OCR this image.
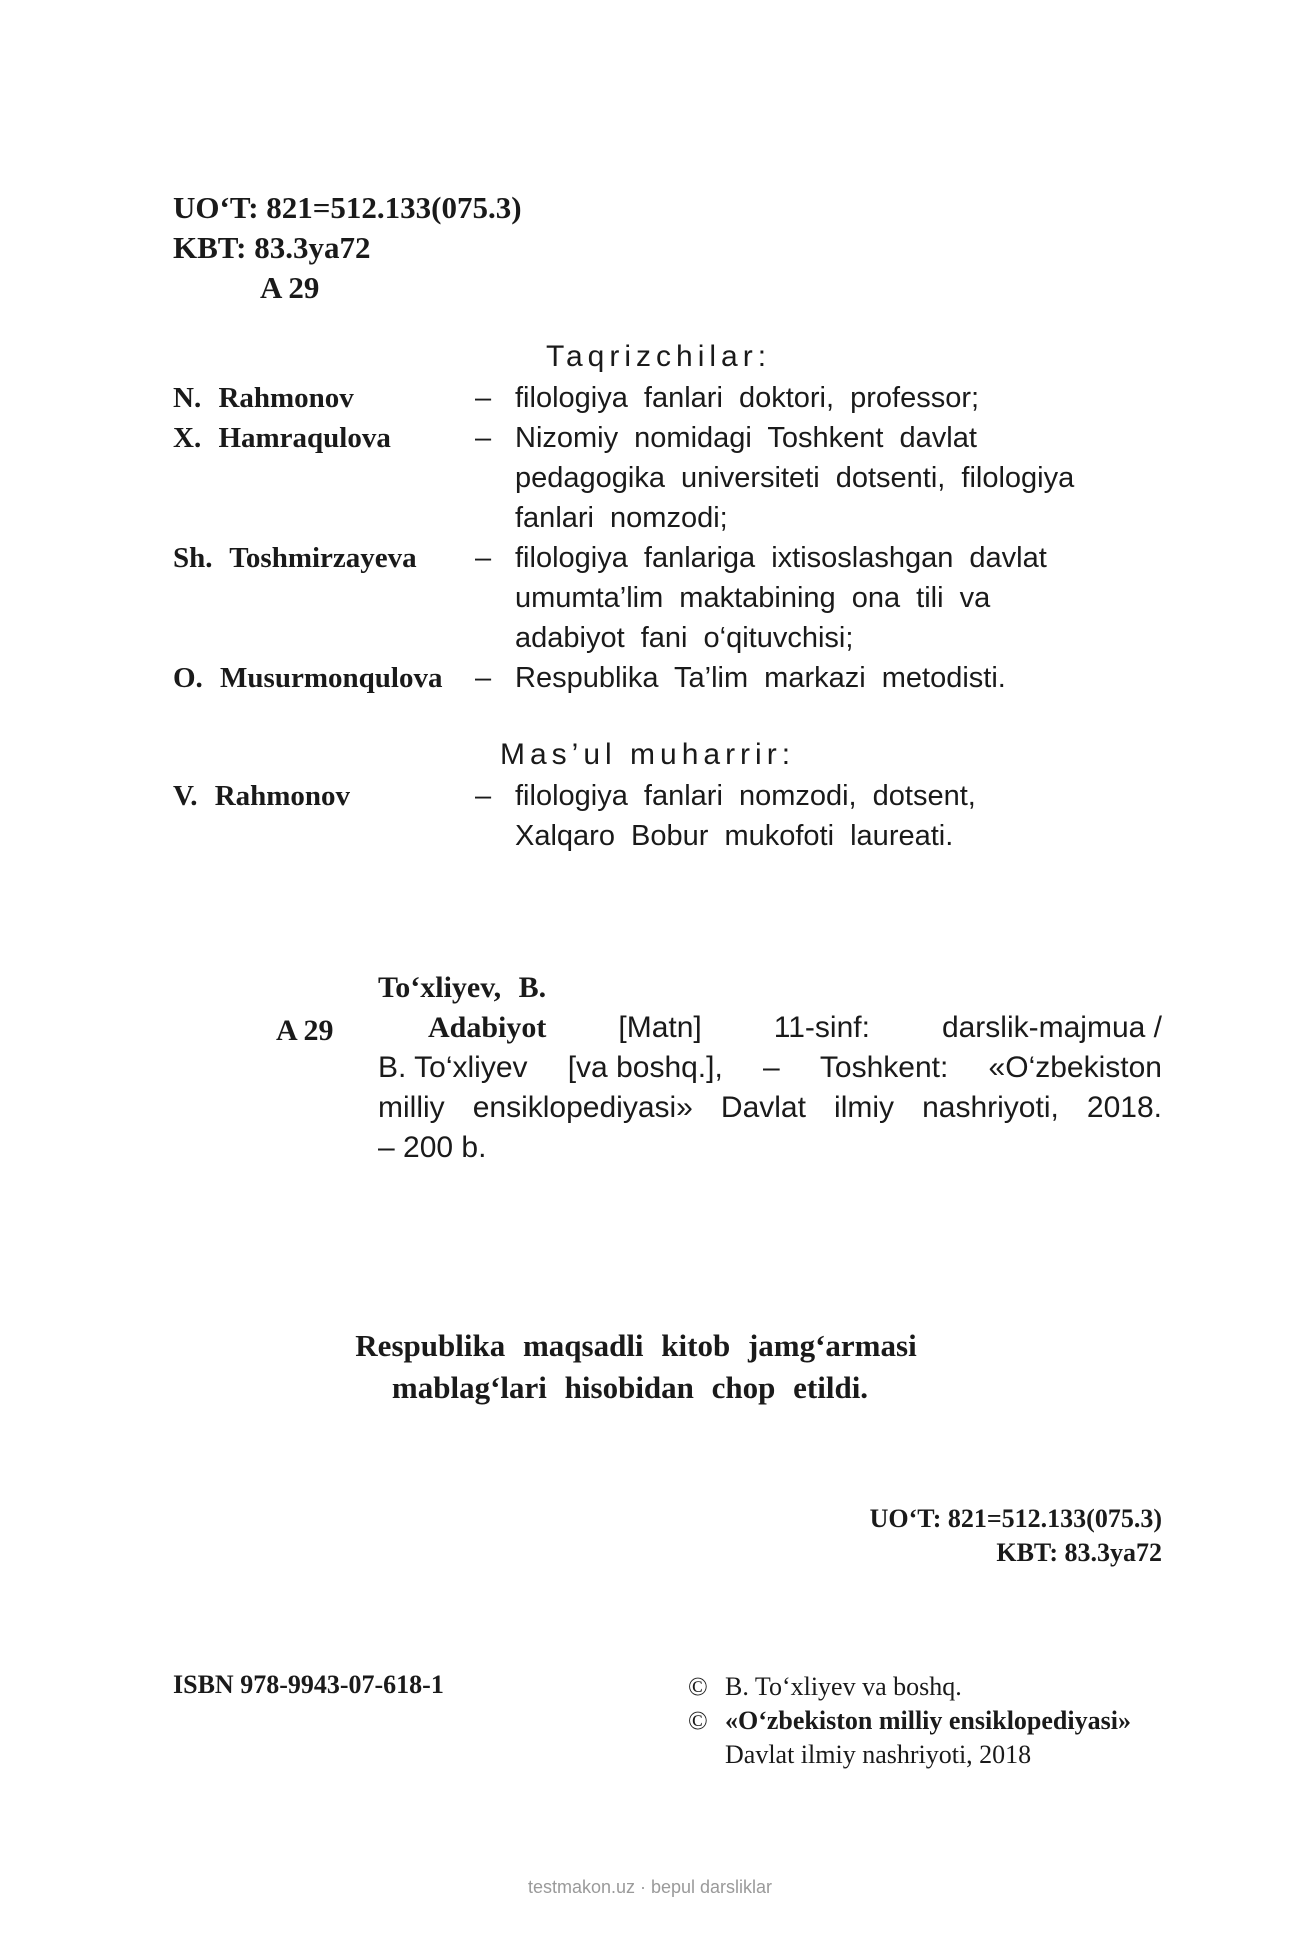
UO‘T: 821=512.133(075.3)
KBT: 83.3ya72
A 29
Taqrizchilar:
N. Rahmonov	– filologiya fanlari doktori, professor;
X. Hamraqulova	– Nizomiy nomidagi Toshkent davlat
pedagogika universiteti dotsenti, filologiya
fanlari nomzodi;
Sh. Toshmirzayeva	– filologiya fanlariga ixtisoslashgan davlat
umumta’lim maktabining ona tili va
adabiyot fani o‘qituvchisi;
O. Musurmonqulova	– Respublika Ta’lim markazi metodisti.
Mas’ul muharrir:
V. Rahmonov	– filologiya fanlari nomzodi, dotsent,
Xalqaro Bobur mukofoti laureati.
A 29
To‘xliyev, B.
Adabiyot [Matn] 11-sinf: darslik-majmua /
B. To‘xliyev [va boshq.], – Toshkent: «O‘zbekiston
milliy ensiklopediyasi» Davlat ilmiy nashriyoti, 2018.
– 200 b.
Respublika maqsadli kitob jamg‘armasi
mablag‘lari hisobidan chop etildi.
UO‘T: 821=512.133(075.3)
KBT: 83.3ya72
ISBN 978-9943-07-618-1	© B. To‘xliyev va boshq.
© «O‘zbekiston milliy ensiklopediyasi»
Davlat ilmiy nashriyoti, 2018
testmakon.uz · bepul darsliklar
